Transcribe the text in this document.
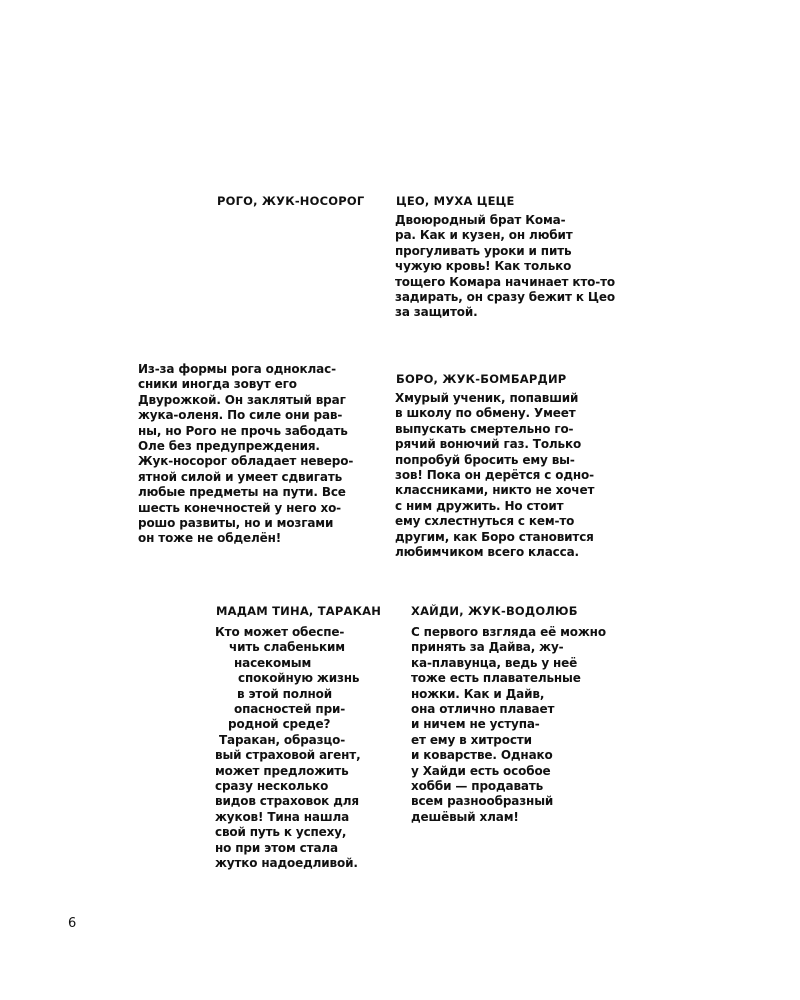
РОГО, ЖУК-НОСОРОГ	ЦЕО, МУХА ЦЕЦЕ
БОРО, ЖУК-БОМБАРДИР
МАДАМ ТИНА, ТАРАКАН	ХАЙДИ, ЖУК-ВОДОЛЮБ
Из-за формы рога однoклас-
сники иногда зовут его
Двурожкой. Он заклятый враг
жука-оленя. По силе они рав-
ны, но Рого не прочь забодать
Оле без предупреждения.
Жук-носорог обладает неверо-
ятной силой и умеет сдвигать
любые предметы на пути. Все
шесть конечностей у него хо-
рошо развиты, но и мозгами
он тоже не обделён!
Двоюродный брат Кома-
ра. Как и кузен, он любит
прогуливать уроки и пить
чужую кровь! Как только
тощего Комара начинает кто-то
задирать, он сразу бежит к Цео
за защитой.
Хмурый ученик, попавший
в школу по обмену. Умеет
выпускать смертельно го-
рячий вонючий газ. Только
попробуй бросить ему вы-
зов! Пока он дерётся с одно-
классниками, никто не хочет
с ним дружить. Но стоит
ему схлестнуться с кем-то
другим, как Боро становится
любимчиком всего класса.
Кто может обеспе-
чить слабеньким
насекомым
спокойную жизнь
в этой полной
опасностей при-
родной среде?
Таракан, образцо-
вый страховой агент,
может предложить
сразу несколько
видов страховок для
жуков! Тина нашла
свой путь к успеху,
но при этом стала
жутко надоедливой.
С первого взгляда её можно
принять за Дайва, жу-
ка-плавунца, ведь у неё
тоже есть плавательные
ножки. Как и Дайв,
она отлично плавает
и ничем не уступа-
ет ему в хитрости
и коварстве. Однако
у Хайди есть особое
хобби — продавать
всем разнообразный
дешёвый хлам!
6
